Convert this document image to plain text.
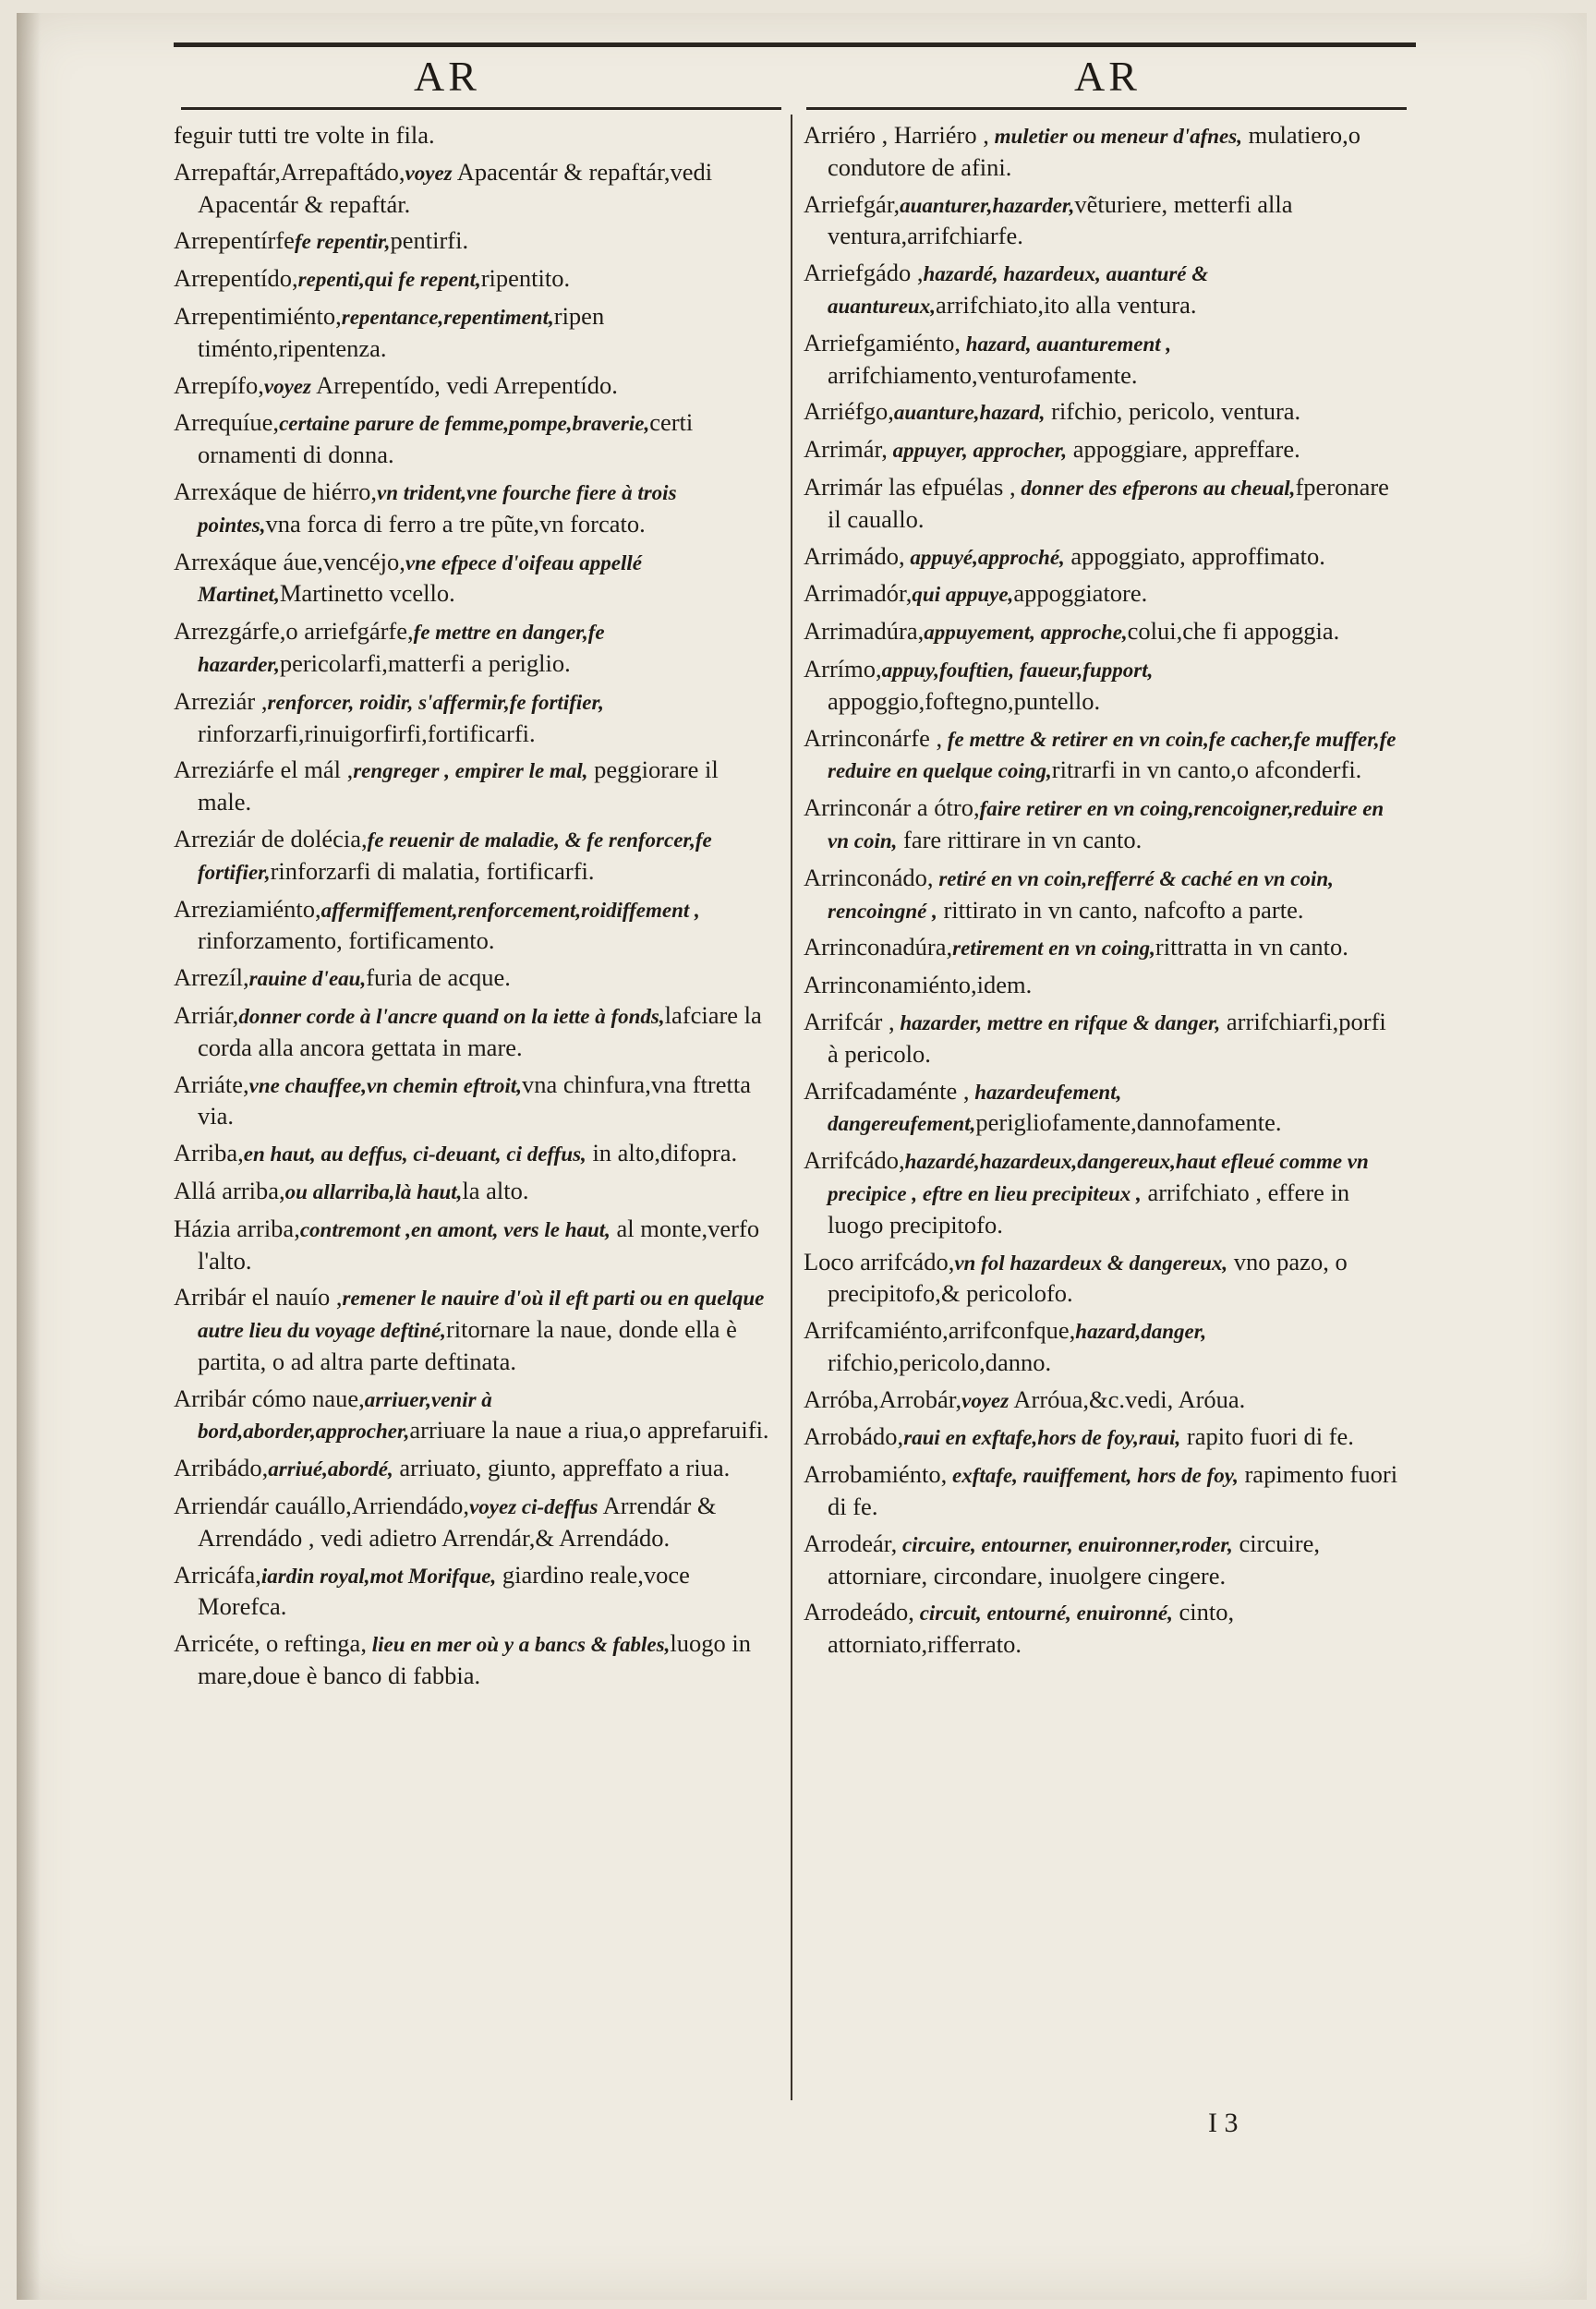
AR	AR
feguir tutti tre volte in fila.
Arrepaftár,Arrepaftádo,voyez Apacentár & repaftár,vedi Apacentár & repaftár.
Arrepentírfefe repentir,pentirfi.
Arrepentído,repenti,qui fe repent,ripentito.
Arrepentimiénto,repentance,repentiment,ripen timénto,ripentenza.
Arrepífo,voyez Arrepentído, vedi Arrepentído.
Arrequíue,certaine parure de femme,pompe,braverie,certi ornamenti di donna.
Arrexáque de hiérro,vn trident,vne fourche fiere à trois pointes,vna forca di ferro a tre pũte,vn forcato.
Arrexáque áue,vencéjo,vne efpece d'oifeau appellé Martinet,Martinetto vcello.
Arrezgárfe,o arriefgárfe,fe mettre en danger,fe hazarder,pericolarfi,matterfi a periglio.
Arreziár ,renforcer, roidir, s'affermir,fe fortifier, rinforzarfi,rinuigorfirfi,fortificarfi.
Arreziárfe el mál ,rengreger , empirer le mal, peggiorare il male.
Arreziár de dolécia,fe reuenir de maladie, & fe renforcer,fe fortifier,rinforzarfi di malatia, fortificarfi.
Arreziamiénto,affermiffement,renforcement,roidiffement , rinforzamento, fortificamento.
Arrezíl,rauine d'eau,furia de acque.
Arriár,donner corde à l'ancre quand on la iette à fonds,lafciare la corda alla ancora gettata in mare.
Arriáte,vne chauffee,vn chemin eftroit,vna chinfura,vna ftretta via.
Arriba,en haut, au deffus, ci-deuant, ci deffus, in alto,difopra.
Allá arriba,ou allarriba,là haut,la alto.
Házia arriba,contremont ,en amont, vers le haut, al monte,verfo l'alto.
Arribár el nauío ,remener le nauire d'où il eft parti ou en quelque autre lieu du voyage deftiné,ritornare la naue, donde ella è partita, o ad altra parte deftinata.
Arribár cómo naue,arriuer,venir à bord,aborder,approcher,arriuare la naue a riua,o apprefaruifi.
Arribádo,arriué,abordé, arriuato, giunto, appreffato a riua.
Arriendár cauállo,Arriendádo,voyez ci-deffus Arrendár & Arrendádo , vedi adietro Arrendár,& Arrendádo.
Arricáfa,iardin royal,mot Morifque, giardino reale,voce Morefca.
Arricéte, o reftinga, lieu en mer où y a bancs & fables,luogo in mare,doue è banco di fabbia.
Arriéro , Harriéro , muletier ou meneur d'afnes, mulatiero,o condutore de afini.
Arriefgár,auanturer,hazarder,vẽturiere, metterfi alla ventura,arrifchiarfe.
Arriefgádo ,hazardé, hazardeux, auanturé & auantureux,arrifchiato,ito alla ventura.
Arriefgamiénto, hazard, auanturement , arrifchiamento,venturofamente.
Arriéfgo,auanture,hazard, rifchio, pericolo, ventura.
Arrimár, appuyer, approcher, appoggiare, appreffare.
Arrimár las efpuélas , donner des efperons au cheual,fperonare il cauallo.
Arrimádo, appuyé,approché, appoggiato, approffimato.
Arrimadór,qui appuye,appoggiatore.
Arrimadúra,appuyement, approche,colui,che fi appoggia.
Arrímo,appuy,fouftien, faueur,fupport, appoggio,foftegno,puntello.
Arrinconárfe , fe mettre & retirer en vn coin,fe cacher,fe muffer,fe reduire en quelque coing,ritrarfi in vn canto,o afconderfi.
Arrinconár a ótro,faire retirer en vn coing,rencoigner,reduire en vn coin, fare rittirare in vn canto.
Arrinconádo, retiré en vn coin,refferré & caché en vn coin, rencoingné , rittirato in vn canto, nafcofto a parte.
Arrinconadúra,retirement en vn coing,rittratta in vn canto.
Arrinconamiénto,idem.
Arrifcár , hazarder, mettre en rifque & danger, arrifchiarfi,porfi à pericolo.
Arrifcadaménte , hazardeufement, dangereufement,perigliofamente,dannofamente.
Arrifcádo,hazardé,hazardeux,dangereux,haut efleué comme vn precipice , eftre en lieu precipiteux , arrifchiato , effere in luogo precipitofo.
Loco arrifcádo,vn fol hazardeux & dangereux, vno pazo, o precipitofo,& pericolofo.
Arrifcamiénto,arrifconfque,hazard,danger, rifchio,pericolo,danno.
Arróba,Arrobár,voyez Arróua,&c.vedi, Aróua.
Arrobádo,raui en exftafe,hors de foy,raui, rapito fuori di fe.
Arrobamiénto, exftafe, rauiffement, hors de foy, rapimento fuori di fe.
Arrodeár, circuire, entourner, enuironner,roder, circuire, attorniare, circondare, inuolgere cingere.
Arrodeádo, circuit, entourné, enuironné, cinto, attorniato,rifferrato.
I 3
